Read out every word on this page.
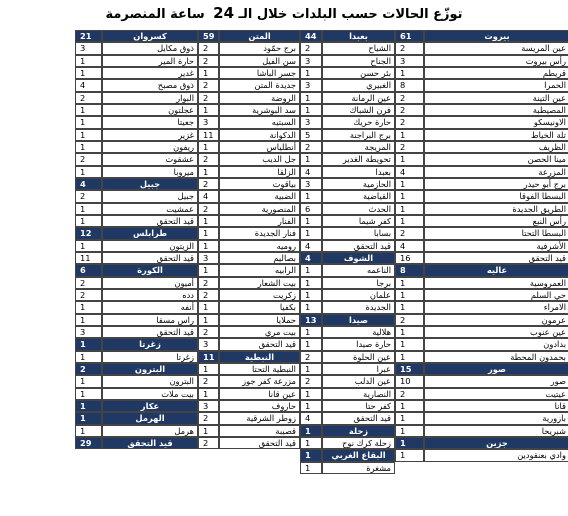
توزّع الحالات حسب البلدات خلال الـ 24 ساعة المنصرمة
بيروت
61
عين المريسة
2
رأس بيروت
3
قريطم
1
الحمرا
8
عين التينة
2
المصيطبة
2
الاونيسكو
2
تلة الخياط
1
الظريف
2
مينا الحصن
1
المزرعة
4
برج أبو حيدر
1
البسطا الفوقا
1
الطريق الجديدة
1
رأس النبع
1
البسطا التحتا
2
الأشرفية
4
قيد التحقق
16
عاليه
8
العمروسية
1
حي السلم
1
الامراء
1
عرمون
2
عين عنوب
1
بدادون
1
بحمدون المحطة
1
صور
15
صور
10
عيتيت
2
قانا
1
بازورية
1
شبريحا
1
جزين
1
وادي بعنقودين
1
بعبدا
44
الشياح
2
الجناح
3
بئر حسن
1
الغبيري
3
عين الرمانة
1
فرن الشباك
1
حارة حريك
3
برج البراجنة
5
المريجة
2
تحويطة الغدير
1
بعبدا
4
الحازمية
3
القياضية
1
الحدث
6
كفر شيما
1
بسابا
1
قيد التحقق
4
الشوف
4
الناعمه
1
برجا
1
علمان
1
الجديدة
1
صيدا
13
هلالية
1
حارة صيدا
1
عين الحلوة
2
عبرا
1
عين الدلب
2
النصارية
1
كفر حتا
1
قيد التحقق
4
زحلة
1
زحلة كرك نوح
1
البقاع الغربي
1
مشغرة
1
المتن
59
برج حمّود
2
سن الفيل
2
جسر الباشا
1
جديدة المتن
2
الروضة
2
سد البوشرية
1
السبتيه
3
الدكوانة
11
أنطلياس
1
جل الديب
2
الزلقا
1
بياقوت
2
الضبية
4
المنصورية
2
الفنار
1
فنار الجديدة
1
روميه
1
بصاليم
3
الرابيه
1
بيت الشعار
2
زكريت
2
بكفيا
1
حملايا
1
بيت مري
2
قيد التحقق
3
النبطية
11
النبطية التحتا
1
مزرعة كفر جوز
2
عين قانا
1
حاروف
3
زوطر الشرقية
2
قصيبة
1
قيد التحقق
2
كسروان
21
ذوق مكايل
3
حارة المير
1
غدير
1
ذوق مصبح
4
البوار
2
عجلتون
1
جعيتا
1
غزير
1
ريفون
1
عشقوت
2
ميروبا
1
جبيل
4
جبيل
2
عمشيت
1
قيد التحقق
1
طرابلس
12
الزيتون
1
قيد التحقق
11
الكورة
6
أميون
2
دده
2
أنفه
1
راس مسقا
1
قيد التحقق
3
زغرتا
1
زغرتا
1
البترون
2
البترون
1
بيت ملات
1
عكار
1
الهرمل
1
هرمل
1
قيد التحقق
29
